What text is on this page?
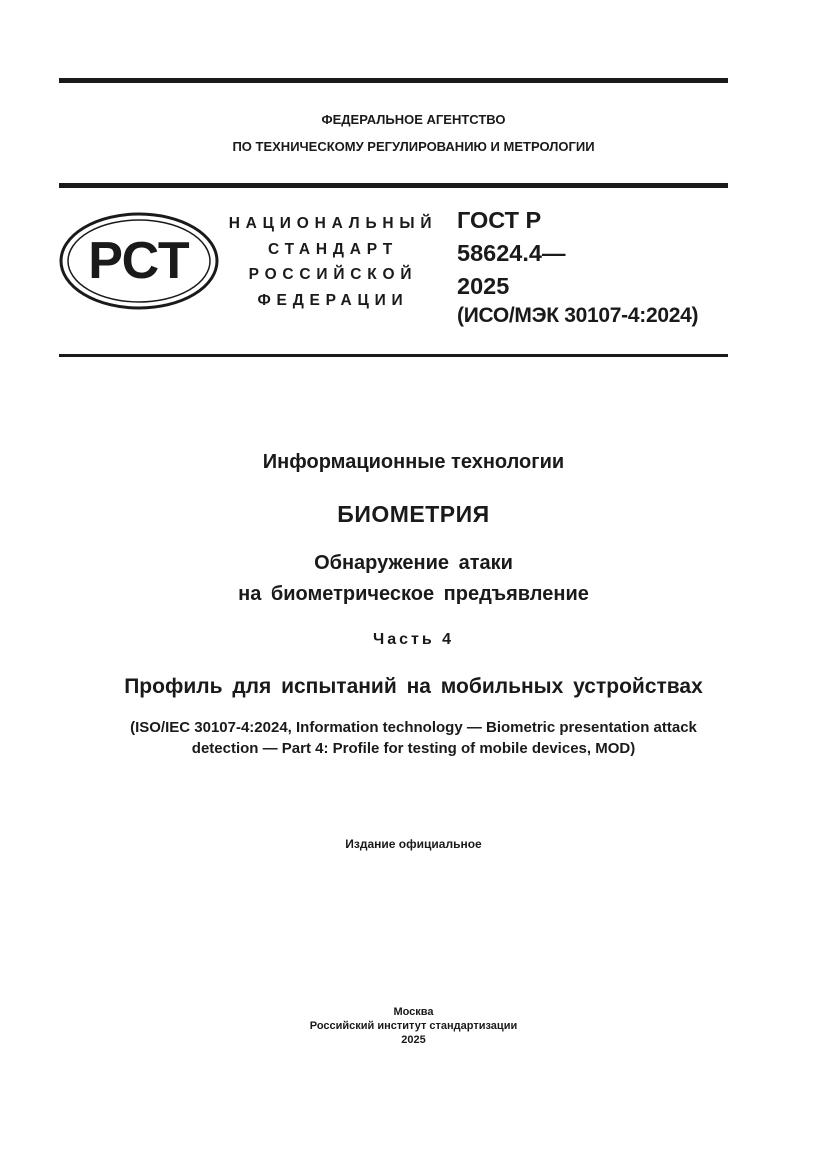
ФЕДЕРАЛЬНОЕ АГЕНТСТВО
ПО ТЕХНИЧЕСКОМУ РЕГУЛИРОВАНИЮ И МЕТРОЛОГИИ
РСТ
НАЦИОНАЛЬНЫЙ
СТАНДАРТ
РОССИЙСКОЙ
ФЕДЕРАЦИИ
ГОСТ Р
58624.4—
2025
(ИСО/МЭК 30107-4:2024)
Информационные технологии
БИОМЕТРИЯ
Обнаружение атаки
на биометрическое предъявление
Часть 4
Профиль для испытаний на мобильных устройствах
(ISO/IEC 30107-4:2024, Information technology — Biometric presentation attack
detection — Part 4: Profile for testing of mobile devices, MOD)
Издание официальное
Москва
Российский институт стандартизации
2025
